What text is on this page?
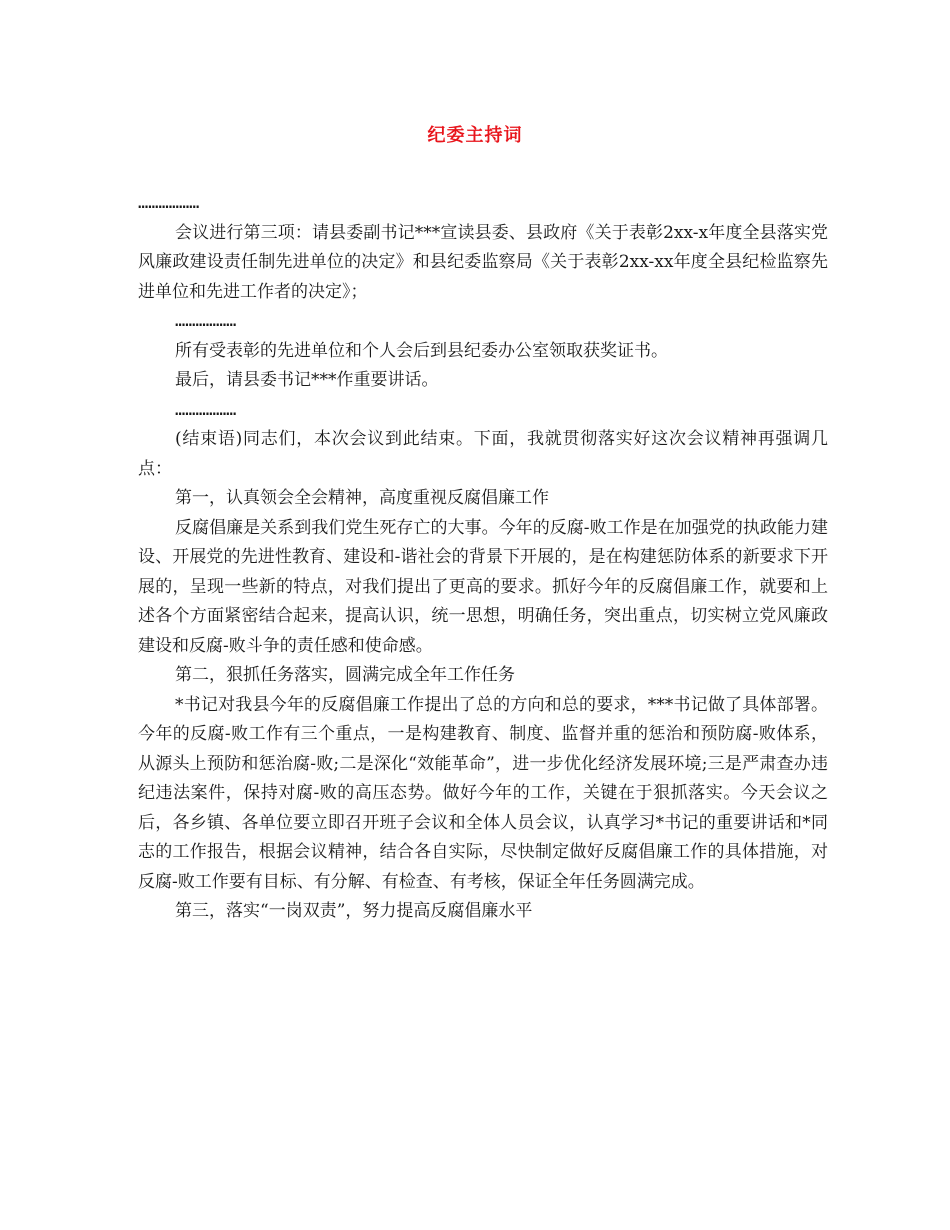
纪委主持词

………………

会议进行第三项：请县委副书记***宣读县委、县政府《关于表彰2xx-x年度全县落实党风廉政建设责任制先进单位的决定》和县纪委监察局《关于表彰2xx-xx年度全县纪检监察先进单位和先进工作者的决定》；

………………

所有受表彰的先进单位和个人会后到县纪委办公室领取获奖证书。

最后，请县委书记***作重要讲话。

………………

(结束语)同志们，本次会议到此结束。下面，我就贯彻落实好这次会议精神再强调几点：

第一，认真领会全会精神，高度重视反腐倡廉工作

反腐倡廉是关系到我们党生死存亡的大事。今年的反腐-败工作是在加强党的执政能力建设、开展党的先进性教育、建设和-谐社会的背景下开展的，是在构建惩防体系的新要求下开展的，呈现一些新的特点，对我们提出了更高的要求。抓好今年的反腐倡廉工作，就要和上述各个方面紧密结合起来，提高认识，统一思想，明确任务，突出重点，切实树立党风廉政建设和反腐-败斗争的责任感和使命感。

第二，狠抓任务落实，圆满完成全年工作任务

*书记对我县今年的反腐倡廉工作提出了总的方向和总的要求，***书记做了具体部署。今年的反腐-败工作有三个重点，一是构建教育、制度、监督并重的惩治和预防腐-败体系，从源头上预防和惩治腐-败;二是深化“效能革命”，进一步优化经济发展环境;三是严肃查办违纪违法案件，保持对腐-败的高压态势。做好今年的工作，关键在于狠抓落实。今天会议之后，各乡镇、各单位要立即召开班子会议和全体人员会议，认真学习*书记的重要讲话和*同志的工作报告，根据会议精神，结合各自实际，尽快制定做好反腐倡廉工作的具体措施，对反腐-败工作要有目标、有分解、有检查、有考核，保证全年任务圆满完成。

第三，落实“一岗双责”，努力提高反腐倡廉水平
